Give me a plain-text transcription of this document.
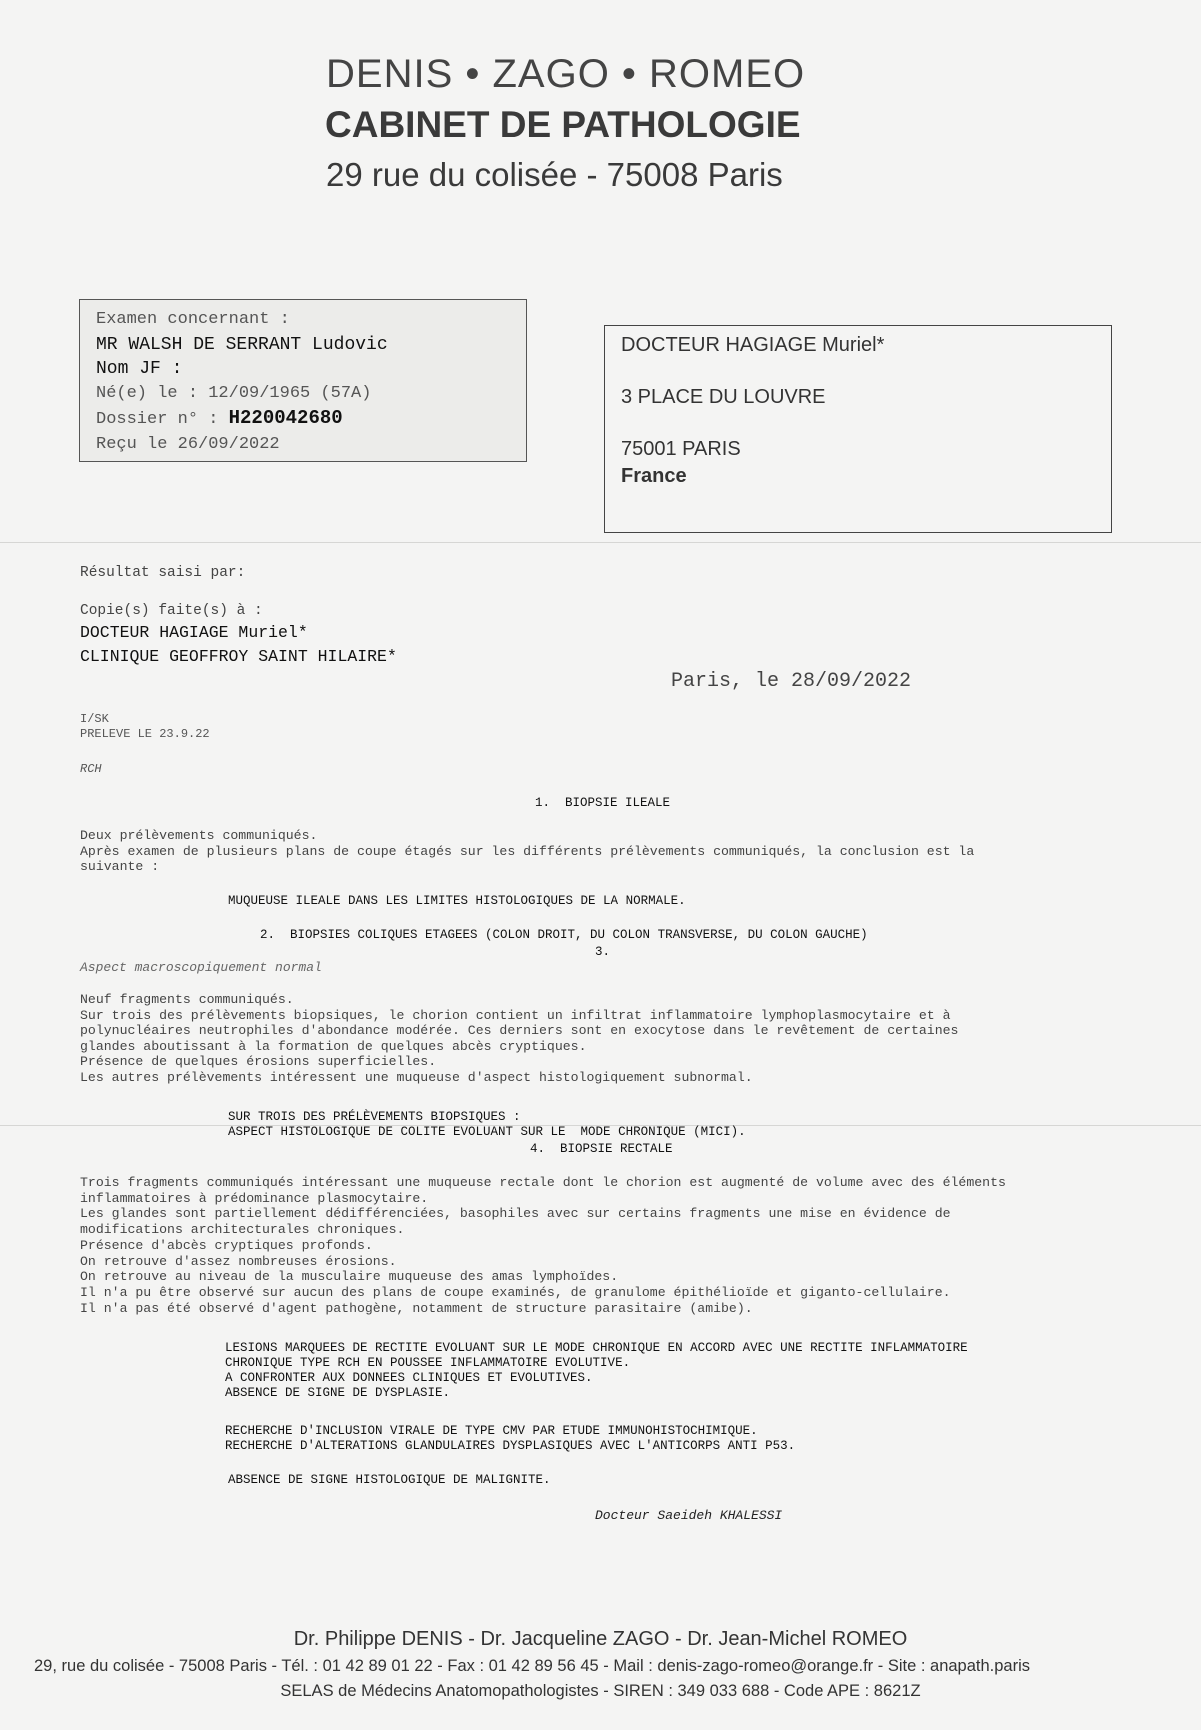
DENIS • ZAGO • ROMEO
CABINET DE PATHOLOGIE
29 rue du colisée - 75008 Paris
Examen concernant :
MR WALSH DE SERRANT Ludovic
Nom JF :
Né(e) le : 12/09/1965 (57A)
Dossier n° : H220042680
Reçu le 26/09/2022
DOCTEUR HAGIAGE Muriel*
3 PLACE DU LOUVRE
75001 PARIS
France
Résultat saisi par:
Copie(s) faite(s) à :
DOCTEUR HAGIAGE Muriel*
CLINIQUE GEOFFROY SAINT HILAIRE*
Paris, le 28/09/2022
I/SK
PRELEVE LE 23.9.22
RCH
1.  BIOPSIE ILEALE
Deux prélèvements communiqués.
Après examen de plusieurs plans de coupe étagés sur les différents prélèvements communiqués, la conclusion est la
suivante :
MUQUEUSE ILEALE DANS LES LIMITES HISTOLOGIQUES DE LA NORMALE.
2.  BIOPSIES COLIQUES ETAGEES (COLON DROIT, DU COLON TRANSVERSE, DU COLON GAUCHE)
3.
Aspect macroscopiquement normal
Neuf fragments communiqués.
Sur trois des prélèvements biopsiques, le chorion contient un infiltrat inflammatoire lymphoplasmocytaire et à
polynucléaires neutrophiles d'abondance modérée. Ces derniers sont en exocytose dans le revêtement de certaines
glandes aboutissant à la formation de quelques abcès cryptiques.
Présence de quelques érosions superficielles.
Les autres prélèvements intéressent une muqueuse d'aspect histologiquement subnormal.
SUR TROIS DES PRÉLÈVEMENTS BIOPSIQUES :
ASPECT HISTOLOGIQUE DE COLITE EVOLUANT SUR LE  MODE CHRONIQUE (MICI).
4.  BIOPSIE RECTALE
Trois fragments communiqués intéressant une muqueuse rectale dont le chorion est augmenté de volume avec des éléments
inflammatoires à prédominance plasmocytaire.
Les glandes sont partiellement dédifférenciées, basophiles avec sur certains fragments une mise en évidence de
modifications architecturales chroniques.
Présence d'abcès cryptiques profonds.
On retrouve d'assez nombreuses érosions.
On retrouve au niveau de la musculaire muqueuse des amas lymphoïdes.
Il n'a pu être observé sur aucun des plans de coupe examinés, de granulome épithélioïde et giganto-cellulaire.
Il n'a pas été observé d'agent pathogène, notamment de structure parasitaire (amibe).
LESIONS MARQUEES DE RECTITE EVOLUANT SUR LE MODE CHRONIQUE EN ACCORD AVEC UNE RECTITE INFLAMMATOIRE
CHRONIQUE TYPE RCH EN POUSSEE INFLAMMATOIRE EVOLUTIVE.
A CONFRONTER AUX DONNEES CLINIQUES ET EVOLUTIVES.
ABSENCE DE SIGNE DE DYSPLASIE.
RECHERCHE D'INCLUSION VIRALE DE TYPE CMV PAR ETUDE IMMUNOHISTOCHIMIQUE.
RECHERCHE D'ALTERATIONS GLANDULAIRES DYSPLASIQUES AVEC L'ANTICORPS ANTI P53.
ABSENCE DE SIGNE HISTOLOGIQUE DE MALIGNITE.
Docteur Saeideh KHALESSI
Dr. Philippe DENIS - Dr. Jacqueline ZAGO - Dr. Jean-Michel ROMEO
29, rue du colisée - 75008 Paris - Tél. : 01 42 89 01 22 - Fax : 01 42 89 56 45 - Mail : denis-zago-romeo@orange.fr - Site : anapath.paris
SELAS de Médecins Anatomopathologistes - SIREN : 349 033 688 - Code APE : 8621Z
